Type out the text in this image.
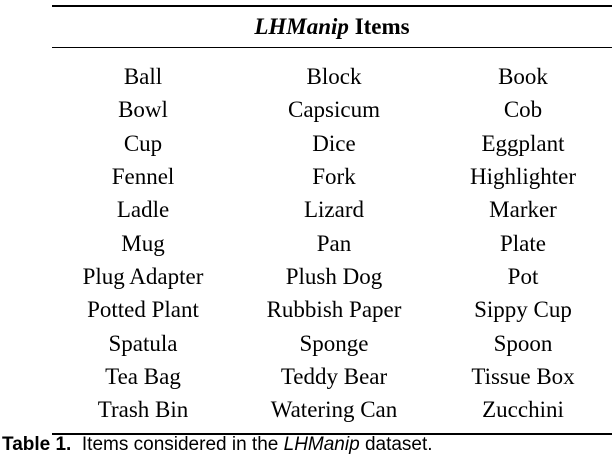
LHManip Items
Ball	Block	Book
Bowl	Capsicum	Cob
Cup	Dice	Eggplant
Fennel	Fork	Highlighter
Ladle	Lizard	Marker
Mug	Pan	Plate
Plug Adapter	Plush Dog	Pot
Potted Plant	Rubbish Paper	Sippy Cup
Spatula	Sponge	Spoon
Tea Bag	Teddy Bear	Tissue Box
Trash Bin	Watering Can	Zucchini
Table 1.  Items considered in the LHManip dataset.
